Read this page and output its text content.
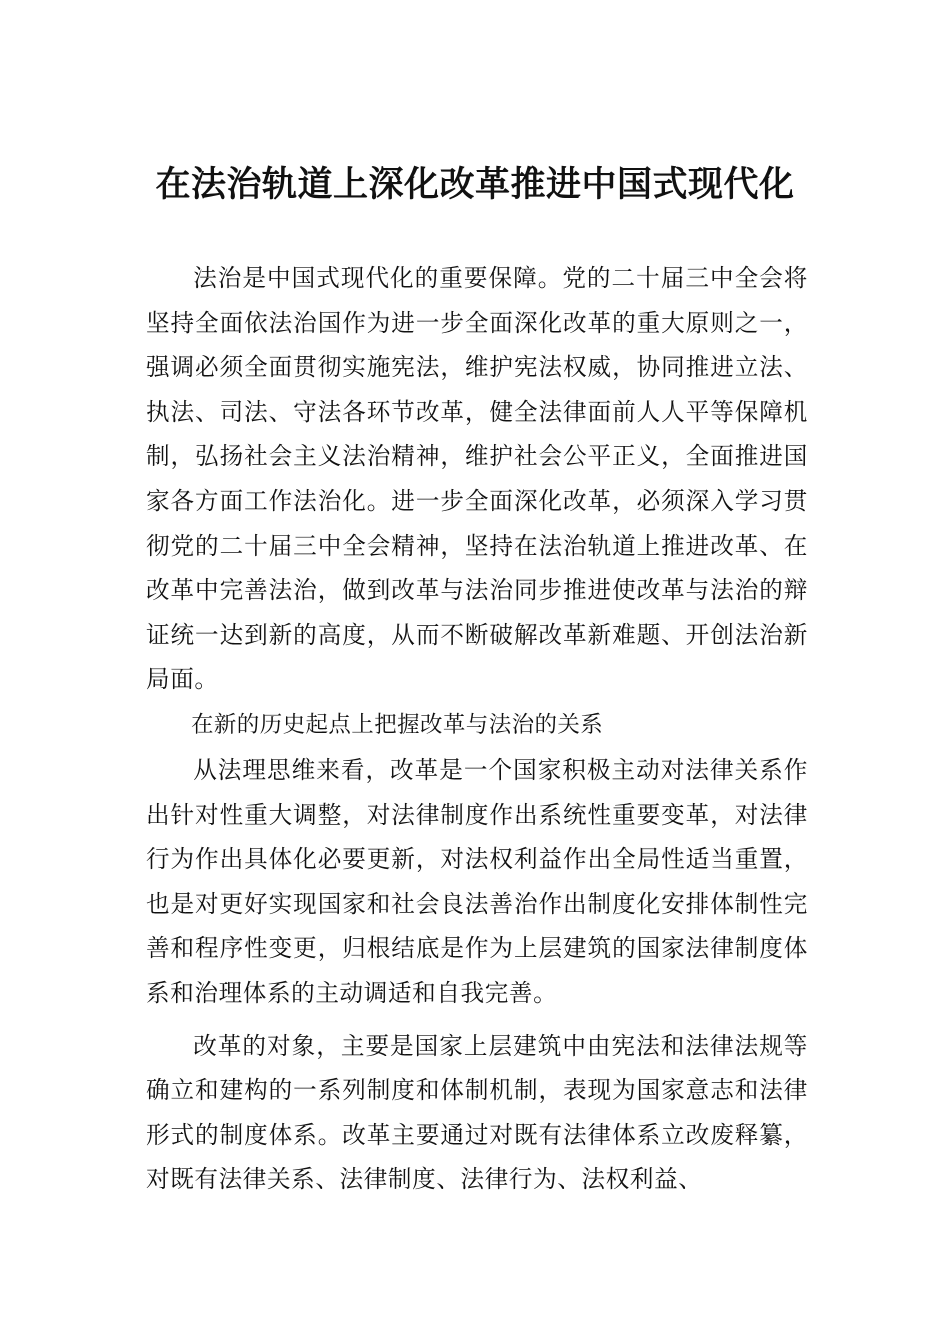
在法治轨道上深化改革推进中国式现代化

法治是中国式现代化的重要保障。党的二十届三中全会将坚持全面依法治国作为进一步全面深化改革的重大原则之一，强调必须全面贯彻实施宪法，维护宪法权威，协同推进立法、执法、司法、守法各环节改革，健全法律面前人人平等保障机制，弘扬社会主义法治精神，维护社会公平正义，全面推进国家各方面工作法治化。进一步全面深化改革，必须深入学习贯彻党的二十届三中全会精神，坚持在法治轨道上推进改革、在改革中完善法治，做到改革与法治同步推进使改革与法治的辩证统一达到新的高度，从而不断破解改革新难题、开创法治新局面。

在新的历史起点上把握改革与法治的关系

从法理思维来看，改革是一个国家积极主动对法律关系作出针对性重大调整，对法律制度作出系统性重要变革，对法律行为作出具体化必要更新，对法权利益作出全局性适当重置，也是对更好实现国家和社会良法善治作出制度化安排体制性完善和程序性变更，归根结底是作为上层建筑的国家法律制度体系和治理体系的主动调适和自我完善。

改革的对象，主要是国家上层建筑中由宪法和法律法规等确立和建构的一系列制度和体制机制，表现为国家意志和法律形式的制度体系。改革主要通过对既有法律体系立改废释纂，对既有法律关系、法律制度、法律行为、法权利益、
